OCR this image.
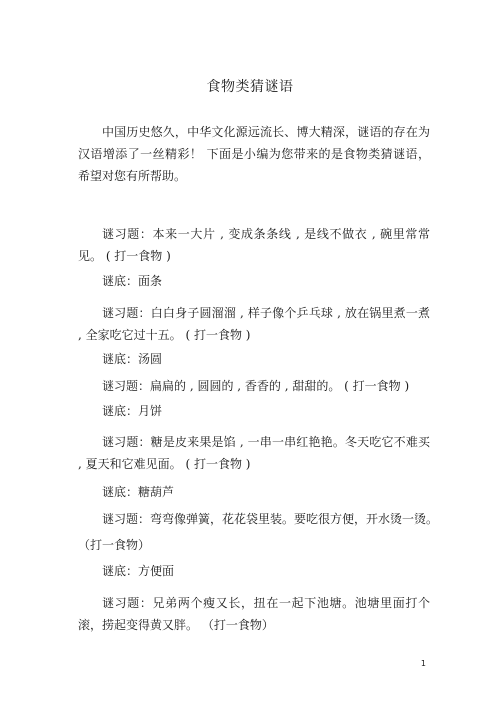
食物类猜谜语

中国历史悠久，中华文化源远流长、博大精深，谜语的存在为汉语增添了一丝精彩！ 下面是小编为您带来的是食物类猜谜语， 希望对您有所帮助。

谜习题：本来一大片 , 变成条条线 , 是线不做衣 , 碗里常常见。 ( 打一食物 )

谜底：面条

谜习题：白白身子圆溜溜 , 样子像个乒乓球 , 放在锅里煮一煮 , 全家吃它过十五。 ( 打一食物 )

谜底：汤圆

谜习题：扁扁的 , 圆圆的 , 香香的 , 甜甜的。 ( 打一食物 )

谜底：月饼

谜习题：糖是皮来果是馅 , 一串一串红艳艳。冬天吃它不难买 , 夏天和它难见面。 ( 打一食物 )

谜底：糖葫芦
谜习题：弯弯像弹簧，花花袋里装。要吃很方便，开水烫一烫。
（打一食物）
谜底：方便面

谜习题：兄弟两个瘦又长，扭在一起下池塘。池塘里面打个滚，捞起变得黄又胖。 （打一食物）

1
